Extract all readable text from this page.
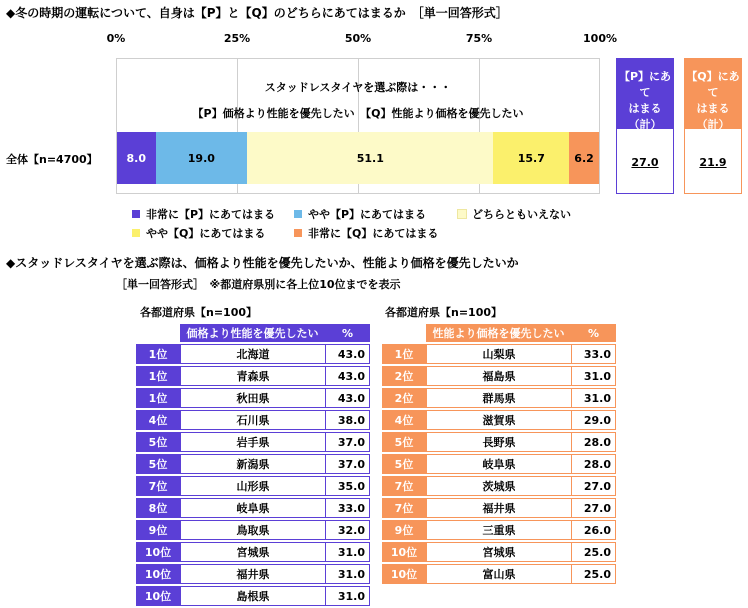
◆冬の時期の運転について、自身は【P】と【Q】のどちらにあてはまるか　［単一回答形式］
0%	25%	50%	75%	100%
スタッドレスタイヤを選ぶ際は・・・
【P】価格より性能を優先したい　【Q】性能より価格を優先したい
全体【n=4700】	8.0	19.0	51.1	15.7	6.2
【P】にあて
はまる
（計）
27.0
【Q】にあて
はまる
（計）
21.9
非常に【P】にあてはまる	やや【P】にあてはまる	どちらともいえない
やや【Q】にあてはまる	非常に【Q】にあてはまる
◆スタッドレスタイヤを選ぶ際は、価格より性能を優先したいか、性能より価格を優先したいか
［単一回答形式］　※都道府県別に各上位10位までを表示
各都道府県【n=100】	各都道府県【n=100】
	価格より性能を優先したい	%
1位	北海道	43.0
1位	青森県	43.0
1位	秋田県	43.0
4位	石川県	38.0
5位	岩手県	37.0
5位	新潟県	37.0
7位	山形県	35.0
8位	岐阜県	33.0
9位	鳥取県	32.0
10位	宮城県	31.0
10位	福井県	31.0
10位	島根県	31.0
	性能より価格を優先したい	%
1位	山梨県	33.0
2位	福島県	31.0
2位	群馬県	31.0
4位	滋賀県	29.0
5位	長野県	28.0
5位	岐阜県	28.0
7位	茨城県	27.0
7位	福井県	27.0
9位	三重県	26.0
10位	宮城県	25.0
10位	富山県	25.0
